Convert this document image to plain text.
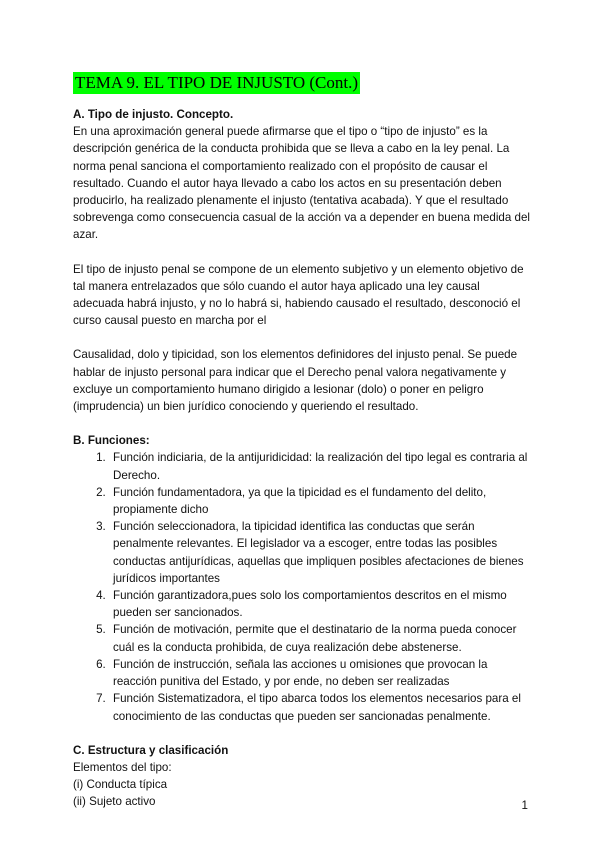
TEMA 9. EL TIPO DE INJUSTO (Cont.)

A. Tipo de injusto. Concepto.

En una aproximación general puede afirmarse que el tipo o “tipo de injusto” es la descripción genérica de la conducta prohibida que se lleva a cabo en la ley penal. La norma penal sanciona el comportamiento realizado con el propósito de causar el resultado. Cuando el autor haya llevado a cabo los actos en su presentación deben producirlo, ha realizado plenamente el injusto (tentativa acabada). Y que el resultado sobrevenga como consecuencia casual de la acción va a depender en buena medida del azar.

El tipo de injusto penal se compone de un elemento subjetivo y un elemento objetivo de tal manera entrelazados que sólo cuando el autor haya aplicado una ley causal adecuada habrá injusto, y no lo habrá si, habiendo causado el resultado, desconoció el curso causal puesto en marcha por el

Causalidad, dolo y tipicidad, son los elementos definidores del injusto penal. Se puede hablar de injusto personal para indicar que el Derecho penal valora negativamente y excluye un comportamiento humano dirigido a lesionar (dolo) o poner en peligro (imprudencia) un bien jurídico conociendo y queriendo el resultado.

B. Funciones:

1. Función indiciaria, de la antijuridicidad: la realización del tipo legal es contraria al Derecho.
2. Función fundamentadora, ya que la tipicidad es el fundamento del delito, propiamente dicho
3. Función seleccionadora, la tipicidad identifica las conductas que serán penalmente relevantes. El legislador va a escoger, entre todas las posibles conductas antijurídicas, aquellas que impliquen posibles afectaciones de bienes jurídicos importantes
4. Función garantizadora,pues solo los comportamientos descritos en el mismo pueden ser sancionados.
5. Función de motivación, permite que el destinatario de la norma pueda conocer cuál es la conducta prohibida, de cuya realización debe abstenerse.
6. Función de instrucción, señala las acciones u omisiones que provocan la reacción punitiva del Estado, y por ende, no deben ser realizadas
7. Función Sistematizadora, el tipo abarca todos los elementos necesarios para el conocimiento de las conductas que pueden ser sancionadas penalmente.

C. Estructura y clasificación

Elementos del tipo:

(i) Conducta típica

(ii) Sujeto activo	1
